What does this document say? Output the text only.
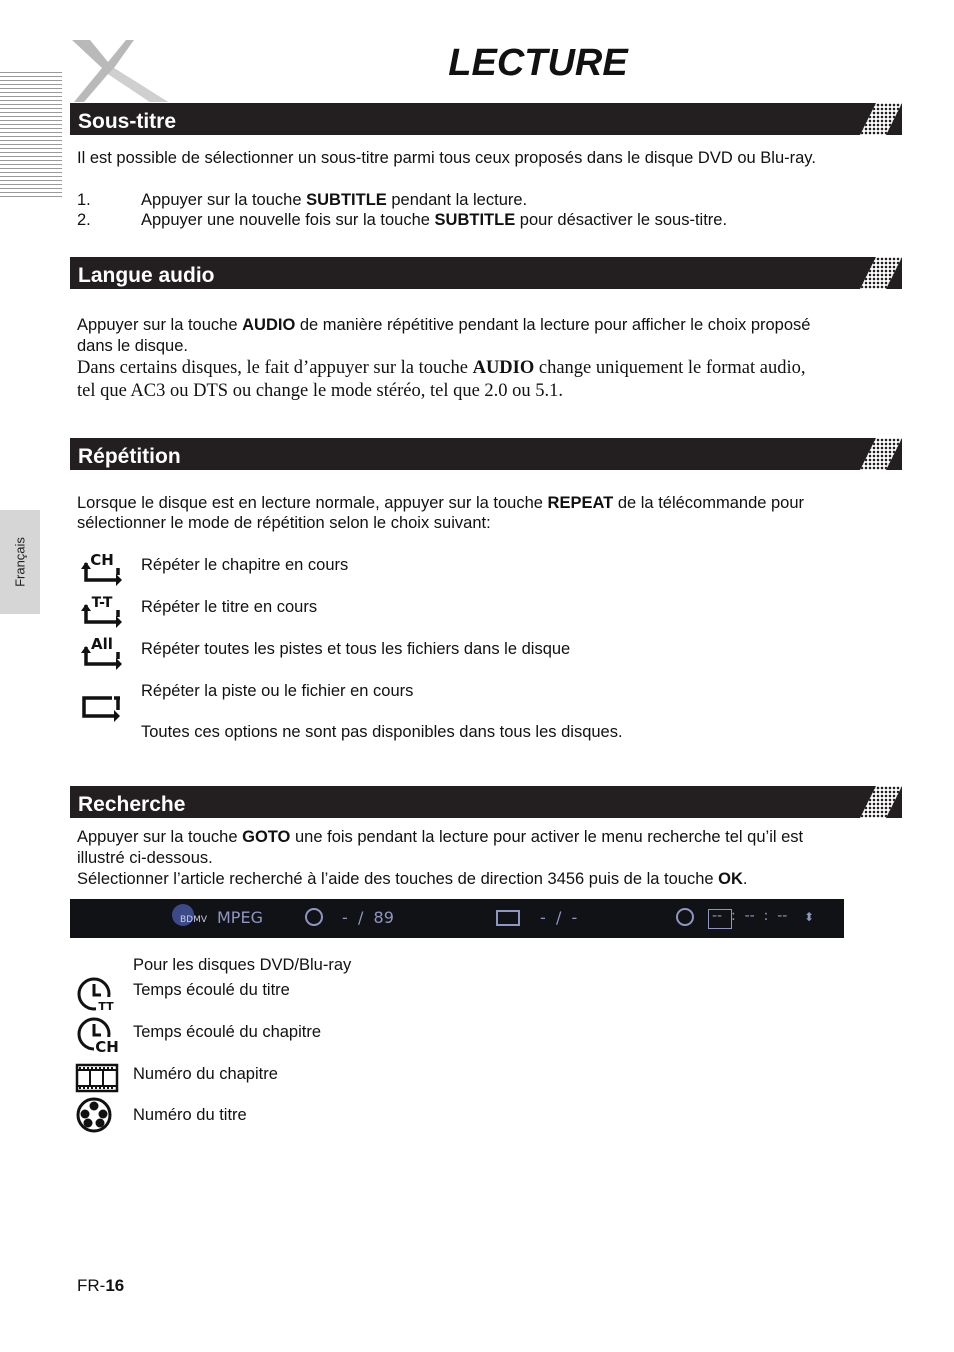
Français
LECTURE
Sous-titre
Il est possible de sélectionner un sous-titre parmi tous ceux proposés dans le disque DVD ou Blu-ray.
1.	Appuyer sur la touche SUBTITLE pendant la lecture.
2.	Appuyer une nouvelle fois sur la touche SUBTITLE pour désactiver le sous-titre.
Langue audio
Appuyer sur la touche AUDIO de manière répétitive pendant la lecture pour afficher le choix proposé
dans le disque.
Dans certains disques, le fait d’appuyer sur la touche AUDIO change uniquement le format audio,
tel que AC3 ou DTS ou change le mode stéréo, tel que 2.0 ou 5.1.
Répétition
Lorsque le disque est en lecture normale, appuyer sur la touche REPEAT de la télécommande pour
sélectionner le mode de répétition selon le choix suivant:
CH
T-T
All
Répéter le chapitre en cours
Répéter le titre en cours
Répéter toutes les pistes et tous les fichiers dans le disque
Répéter la piste ou le fichier en cours
Toutes ces options ne sont pas disponibles dans tous les disques.
Recherche
Appuyer sur la touche GOTO une fois pendant la lecture pour activer le menu recherche tel qu’il est
illustré ci-dessous.
Sélectionner l’article recherché à l’aide des touches de direction 3456 puis de la touche OK.
BDMV MPEG	-  /  89	-  /  -	--  :  --  :  -- ⬍
Pour les disques DVD/Blu-ray
TT
CH
Temps écoulé du titre
Temps écoulé du chapitre
Numéro du chapitre
Numéro du titre
FR-16
